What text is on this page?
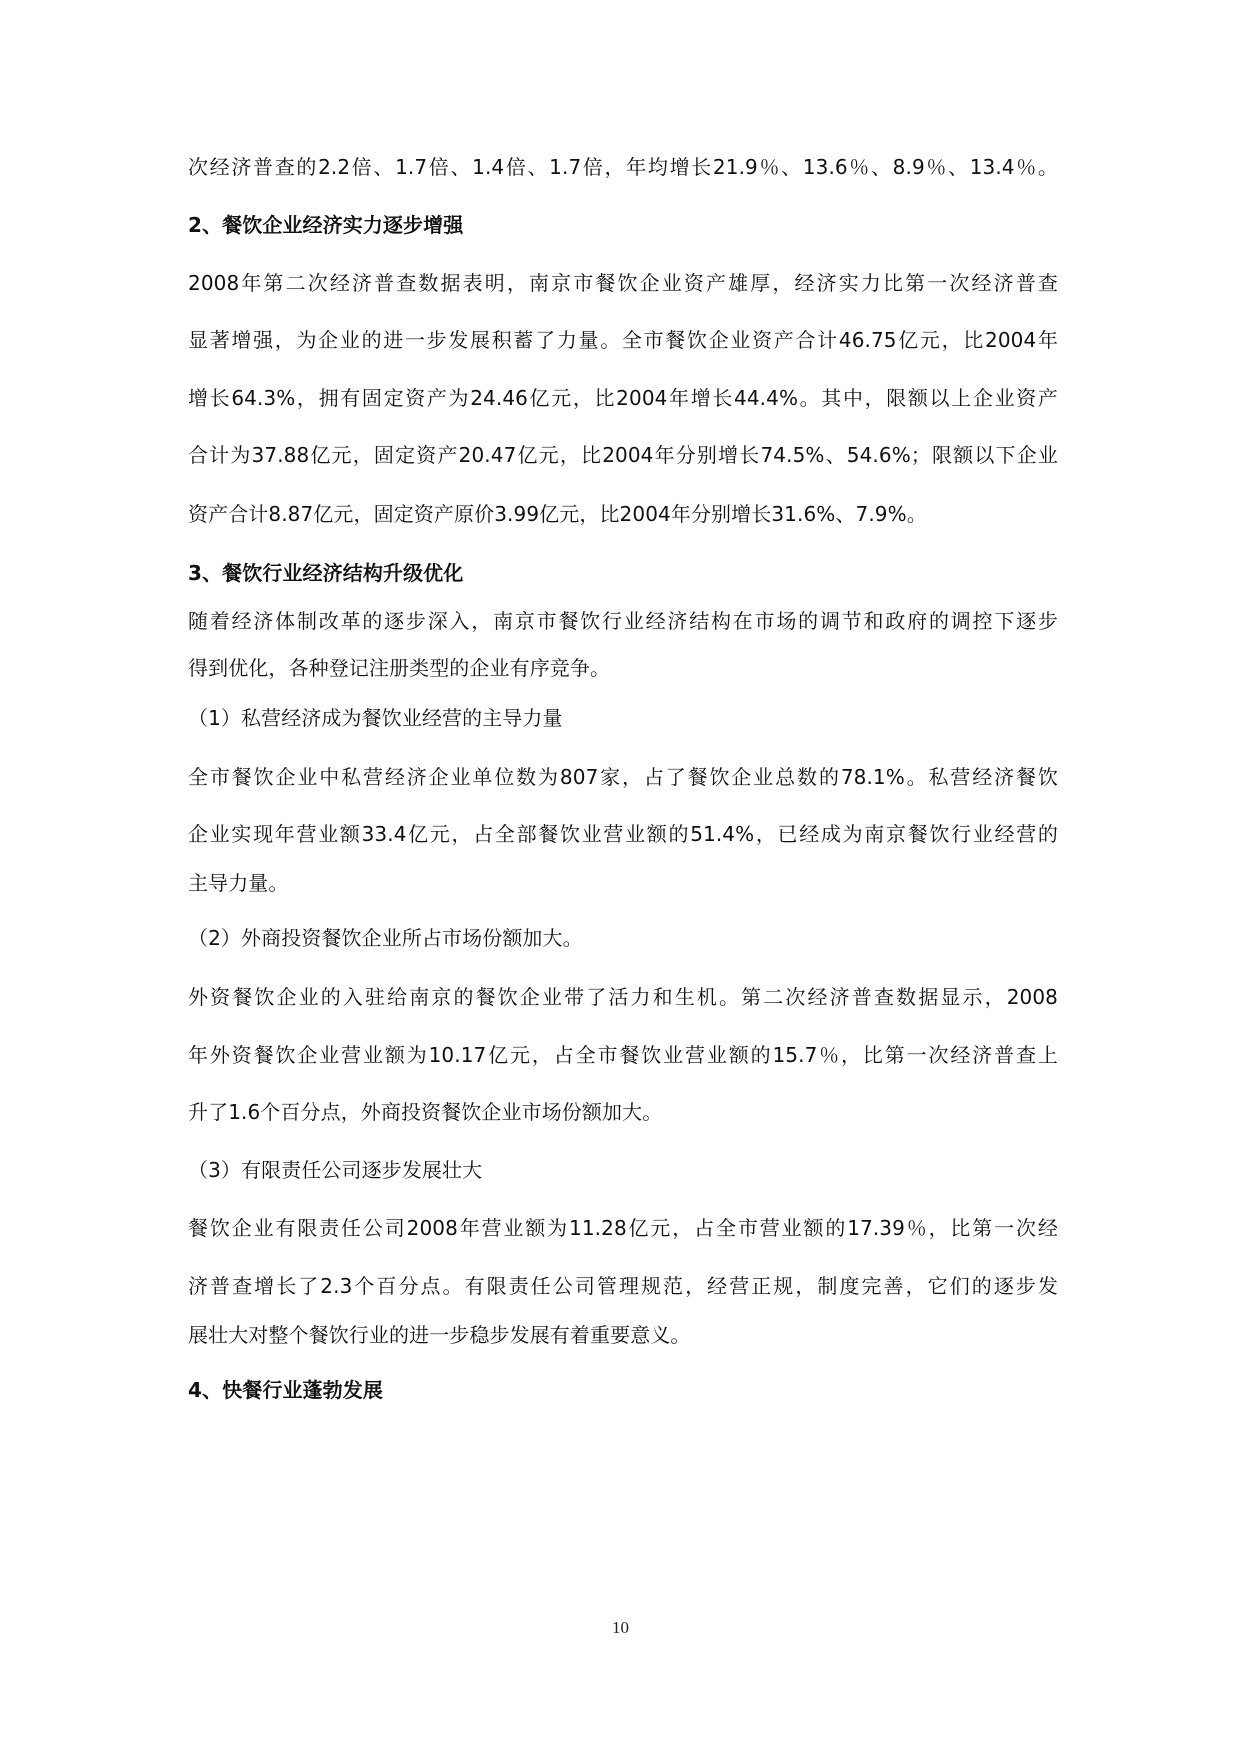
次经济普查的2.2倍、1.7倍、1.4倍、1.7倍，年均增长21.9％、13.6％、8.9％、13.4％。
2、餐饮企业经济实力逐步增强
2008年第二次经济普查数据表明，南京市餐饮企业资产雄厚，经济实力比第一次经济普查
显著增强，为企业的进一步发展积蓄了力量。全市餐饮企业资产合计46.75亿元，比2004年
增长64.3%，拥有固定资产为24.46亿元，比2004年增长44.4%。其中，限额以上企业资产
合计为37.88亿元，固定资产20.47亿元，比2004年分别增长74.5%、54.6%；限额以下企业
资产合计8.87亿元，固定资产原价3.99亿元，比2004年分别增长31.6%、7.9%。
3、餐饮行业经济结构升级优化
随着经济体制改革的逐步深入，南京市餐饮行业经济结构在市场的调节和政府的调控下逐步
得到优化，各种登记注册类型的企业有序竞争。
（1）私营经济成为餐饮业经营的主导力量
全市餐饮企业中私营经济企业单位数为807家，占了餐饮企业总数的78.1%。私营经济餐饮
企业实现年营业额33.4亿元，占全部餐饮业营业额的51.4%，已经成为南京餐饮行业经营的
主导力量。
（2）外商投资餐饮企业所占市场份额加大。
外资餐饮企业的入驻给南京的餐饮企业带了活力和生机。第二次经济普查数据显示，2008
年外资餐饮企业营业额为10.17亿元，占全市餐饮业营业额的15.7％，比第一次经济普查上
升了1.6个百分点，外商投资餐饮企业市场份额加大。
（3）有限责任公司逐步发展壮大
餐饮企业有限责任公司2008年营业额为11.28亿元，占全市营业额的17.39％，比第一次经
济普查增长了2.3个百分点。有限责任公司管理规范，经营正规，制度完善，它们的逐步发
展壮大对整个餐饮行业的进一步稳步发展有着重要意义。
4、快餐行业蓬勃发展
10
